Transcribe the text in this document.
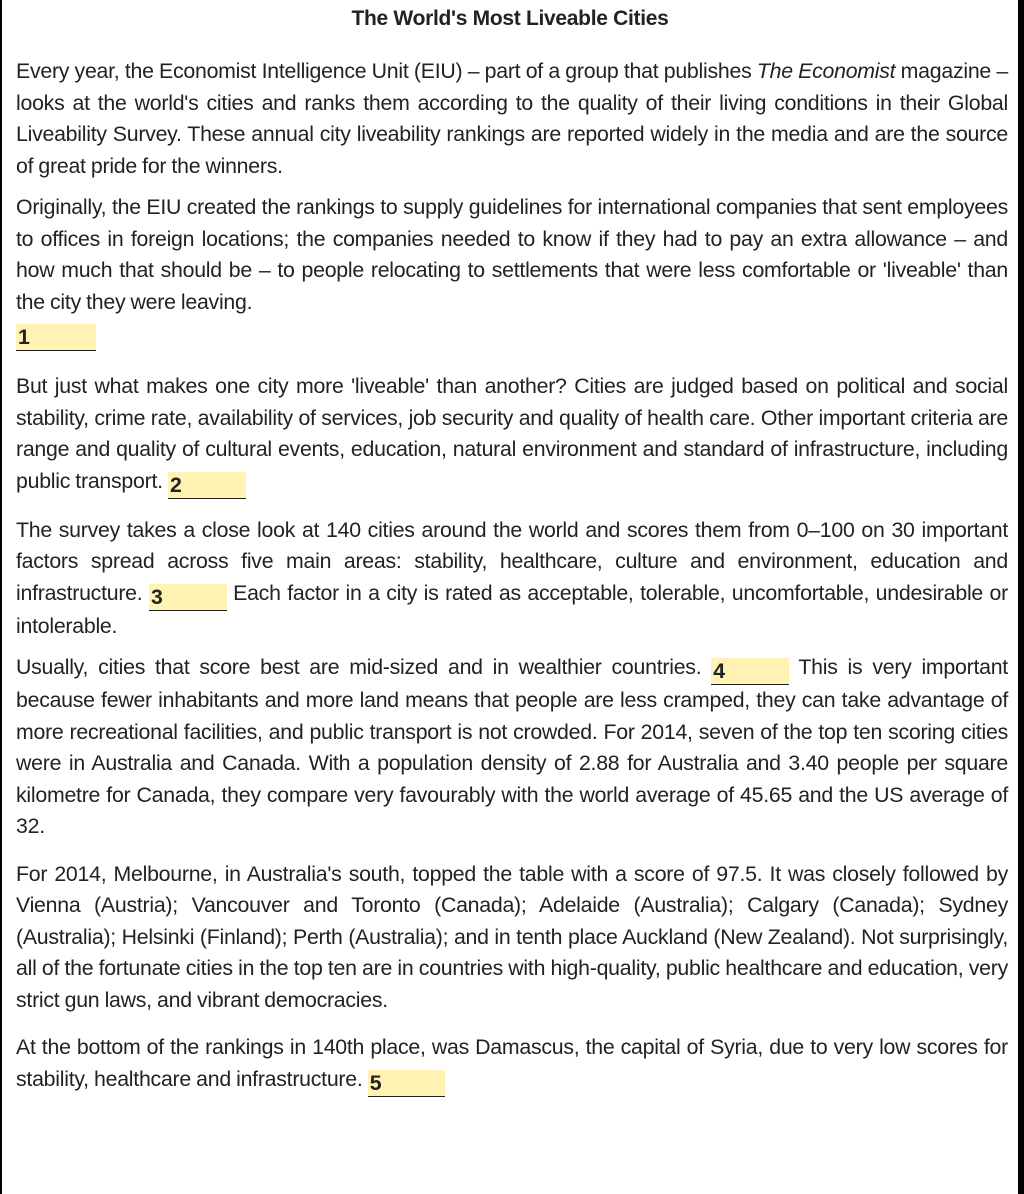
The World's Most Liveable Cities

Every year, the Economist Intelligence Unit (EIU) – part of a group that publishes The Economist magazine – looks at the world's cities and ranks them according to the quality of their living conditions in their Global Liveability Survey. These annual city liveability rankings are reported widely in the media and are the source of great pride for the winners.

Originally, the EIU created the rankings to supply guidelines for international companies that sent employees to offices in foreign locations; the companies needed to know if they had to pay an extra allowance – and how much that should be – to people relocating to settlements that were less comfortable or 'liveable' than the city they were leaving.
1

But just what makes one city more 'liveable' than another? Cities are judged based on political and social stability, crime rate, availability of services, job security and quality of health care. Other important criteria are range and quality of cultural events, education, natural environment and standard of infrastructure, including public transport. 2

The survey takes a close look at 140 cities around the world and scores them from 0–100 on 30 important factors spread across five main areas: stability, healthcare, culture and environment, education and infrastructure. 3	Each factor in a city is rated as acceptable, tolerable, uncomfortable, undesirable or intolerable.

Usually, cities that score best are mid-sized and in wealthier countries. 4	This is very important because fewer inhabitants and more land means that people are less cramped, they can take advantage of more recreational facilities, and public transport is not crowded. For 2014, seven of the top ten scoring cities were in Australia and Canada. With a population density of 2.88 for Australia and 3.40 people per square kilometre for Canada, they compare very favourably with the world average of 45.65 and the US average of 32.

For 2014, Melbourne, in Australia's south, topped the table with a score of 97.5. It was closely followed by Vienna (Austria); Vancouver and Toronto (Canada); Adelaide (Australia); Calgary (Canada); Sydney (Australia); Helsinki (Finland); Perth (Australia); and in tenth place Auckland (New Zealand). Not surprisingly, all of the fortunate cities in the top ten are in countries with high-quality, public healthcare and education, very strict gun laws, and vibrant democracies.

At the bottom of the rankings in 140th place, was Damascus, the capital of Syria, due to very low scores for stability, healthcare and infrastructure. 5
